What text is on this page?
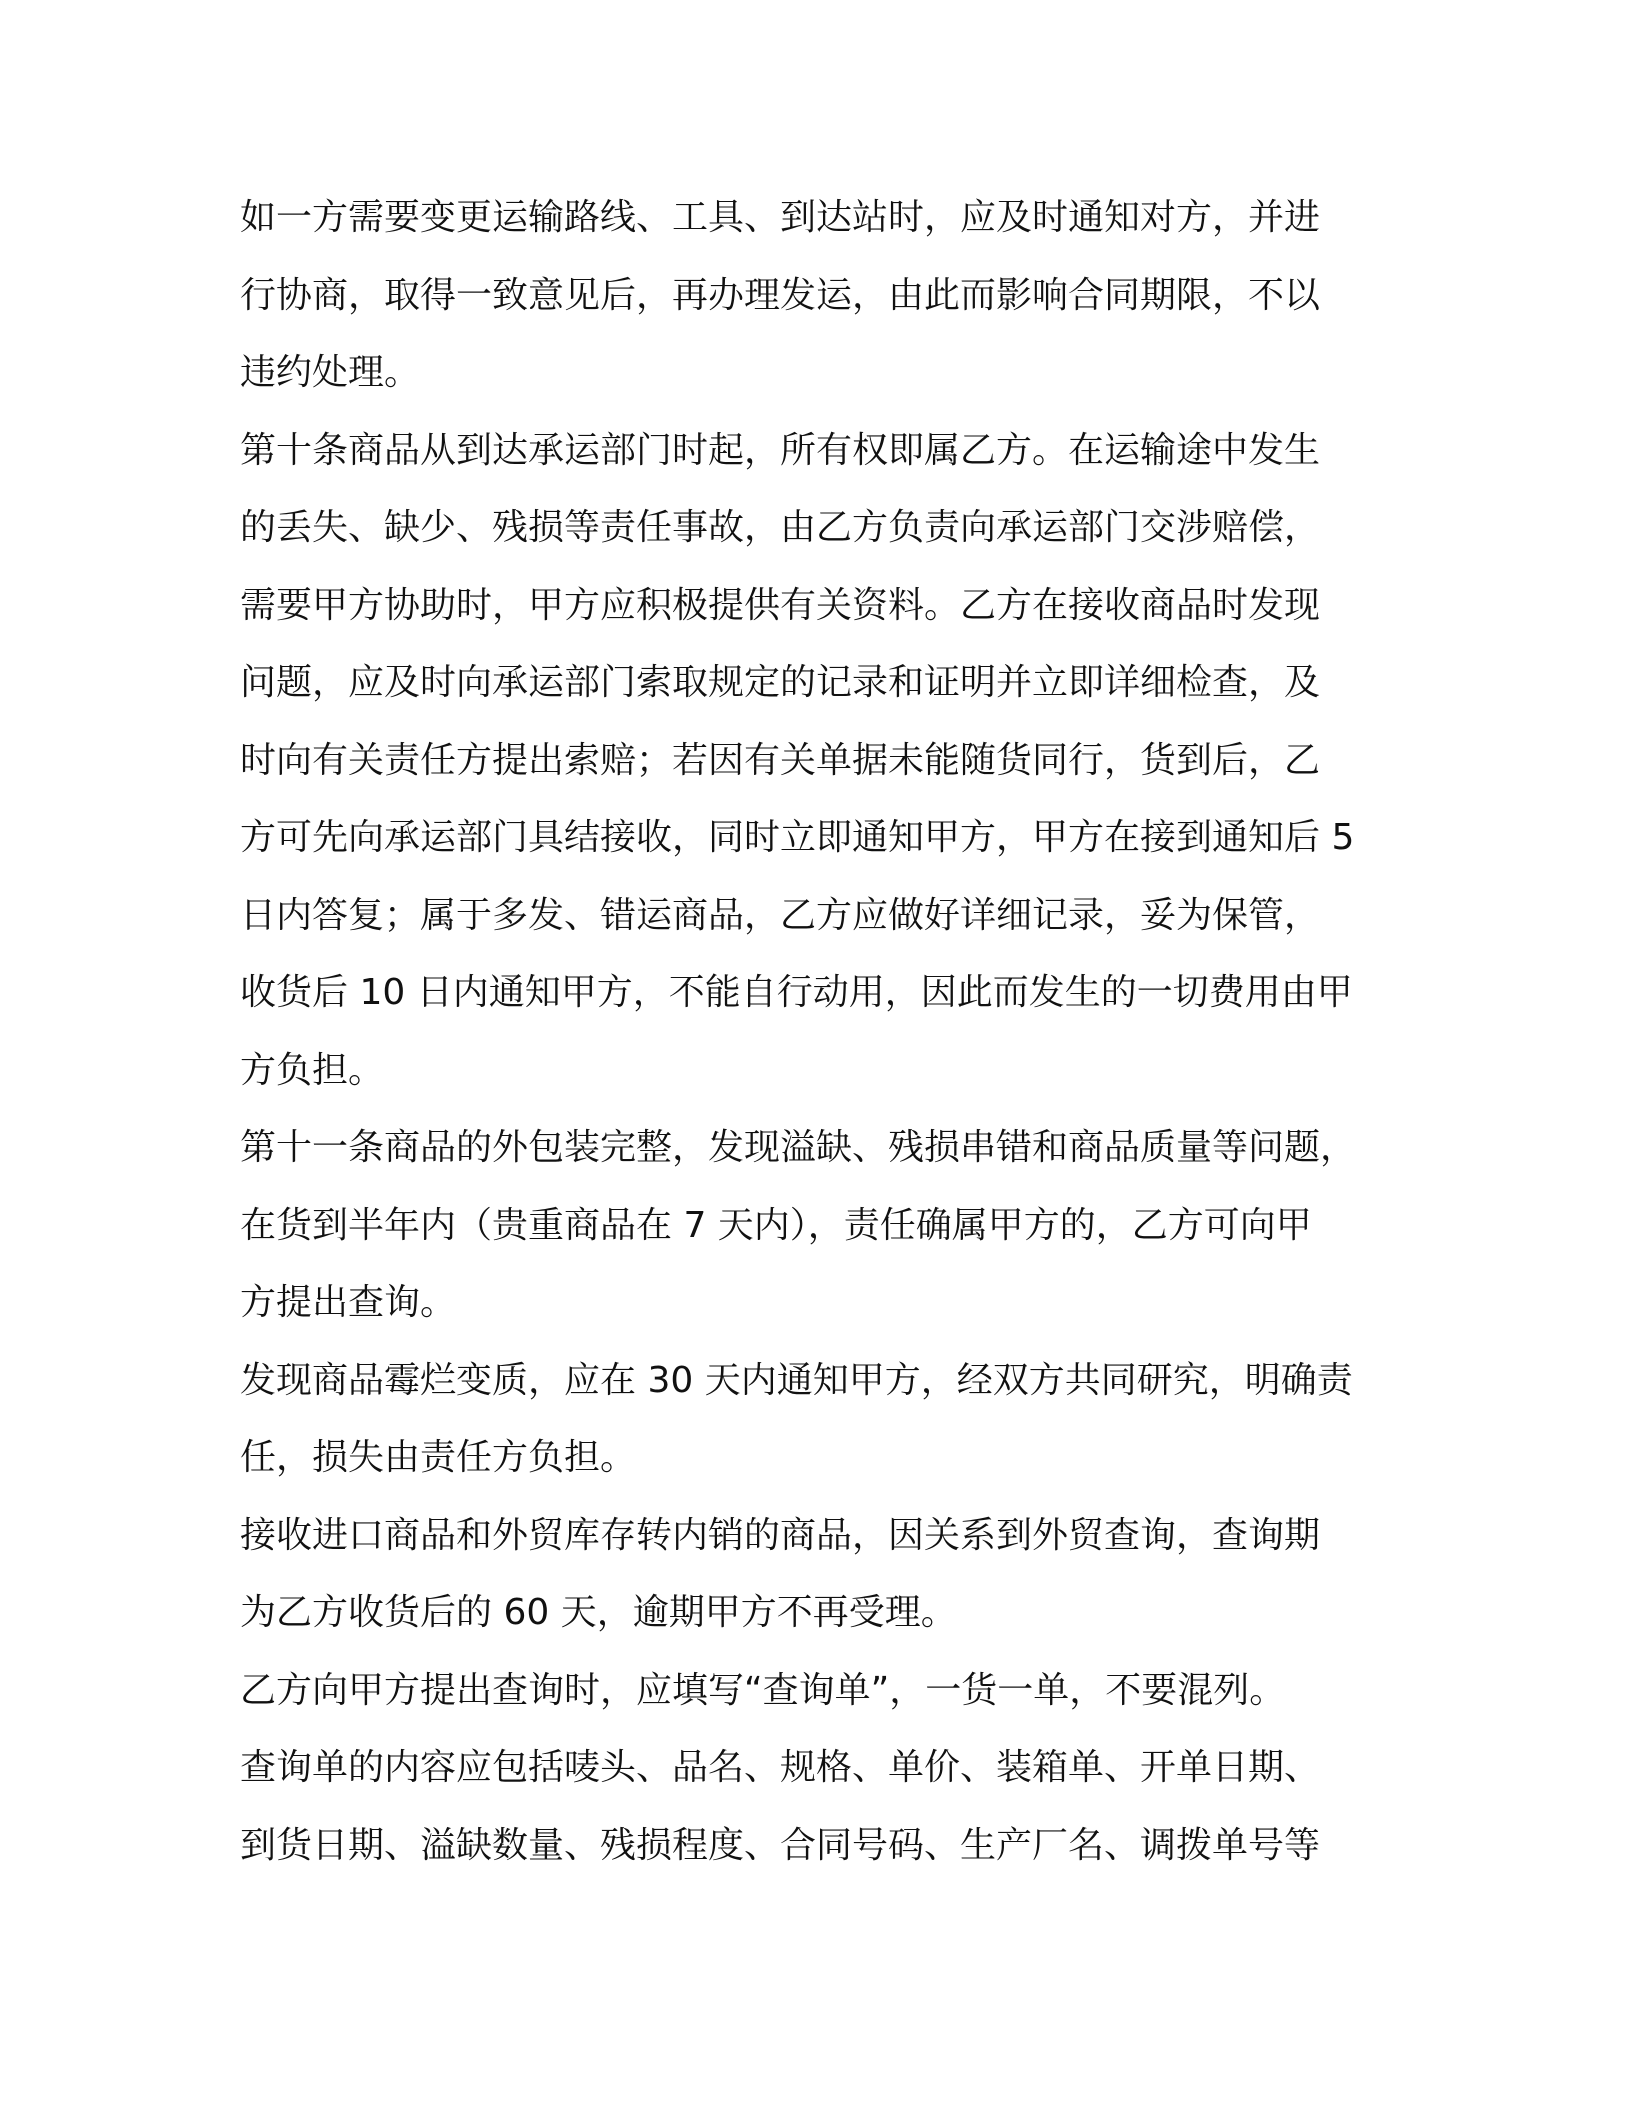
如一方需要变更运输路线、工具、到达站时，应及时通知对方，并进
行协商，取得一致意见后，再办理发运，由此而影响合同期限，不以
违约处理。
第十条商品从到达承运部门时起，所有权即属乙方。在运输途中发生
的丢失、缺少、残损等责任事故，由乙方负责向承运部门交涉赔偿，
需要甲方协助时，甲方应积极提供有关资料。乙方在接收商品时发现
问题，应及时向承运部门索取规定的记录和证明并立即详细检查，及
时向有关责任方提出索赔；若因有关单据未能随货同行，货到后，乙
方可先向承运部门具结接收，同时立即通知甲方，甲方在接到通知后 5
日内答复；属于多发、错运商品，乙方应做好详细记录，妥为保管，
收货后 10 日内通知甲方，不能自行动用，因此而发生的一切费用由甲
方负担。
第十一条商品的外包装完整，发现溢缺、残损串错和商品质量等问题，
在货到半年内（贵重商品在 7 天内），责任确属甲方的，乙方可向甲
方提出查询。
发现商品霉烂变质，应在 30 天内通知甲方，经双方共同研究，明确责
任，损失由责任方负担。
接收进口商品和外贸库存转内销的商品，因关系到外贸查询，查询期
为乙方收货后的 60 天，逾期甲方不再受理。
乙方向甲方提出查询时，应填写“查询单”，一货一单，不要混列。
查询单的内容应包括唛头、品名、规格、单价、装箱单、开单日期、
到货日期、溢缺数量、残损程度、合同号码、生产厂名、调拨单号等
